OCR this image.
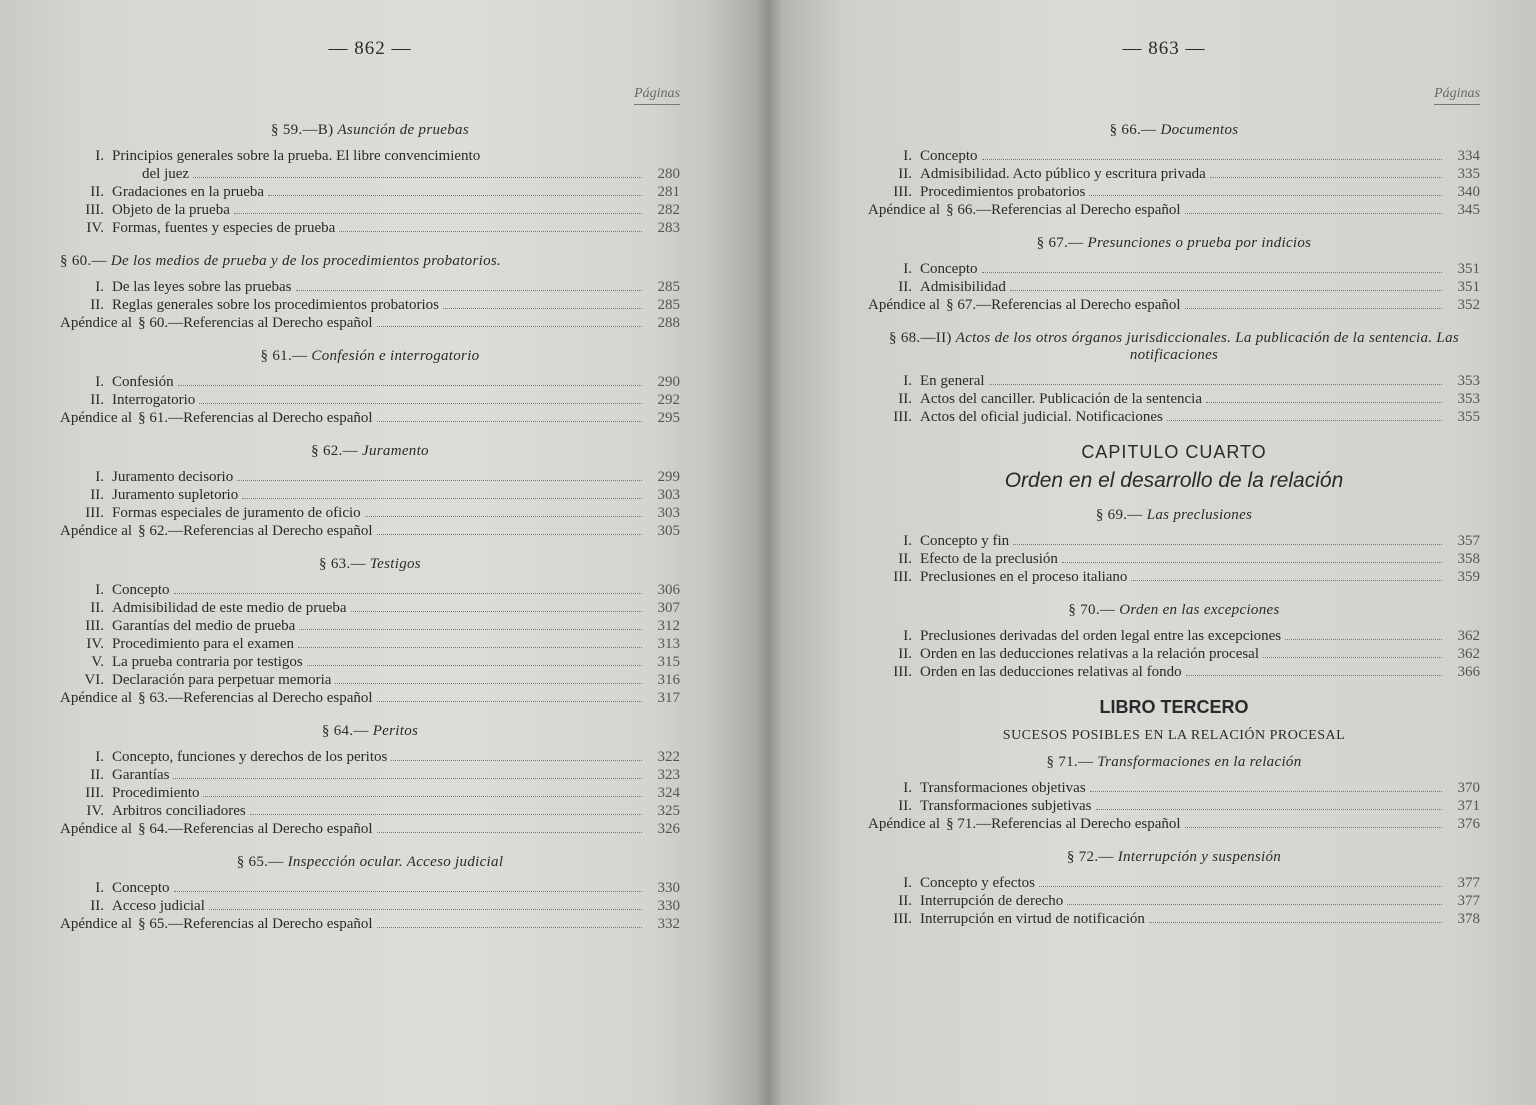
— 862 —
Páginas
§ 59.—B) Asunción de pruebas
I. Principios generales sobre la prueba. El libre convencimiento
del juez	280
II. Gradaciones en la prueba	281
III. Objeto de la prueba	282
IV. Formas, fuentes y especies de prueba	283
§ 60.— De los medios de prueba y de los procedimientos probatorios.
I. De las leyes sobre las pruebas	285
II. Reglas generales sobre los procedimientos probatorios	285
Apéndice al § 60.—Referencias al Derecho español	288
§ 61.— Confesión e interrogatorio
I. Confesión	290
II. Interrogatorio	292
Apéndice al § 61.—Referencias al Derecho español	295
§ 62.— Juramento
I. Juramento decisorio	299
II. Juramento supletorio	303
III. Formas especiales de juramento de oficio	303
Apéndice al § 62.—Referencias al Derecho español	305
§ 63.— Testigos
I. Concepto	306
II. Admisibilidad de este medio de prueba	307
III. Garantías del medio de prueba	312
IV. Procedimiento para el examen	313
V. La prueba contraria por testigos	315
VI. Declaración para perpetuar memoria	316
Apéndice al § 63.—Referencias al Derecho español	317
§ 64.— Peritos
I. Concepto, funciones y derechos de los peritos	322
II. Garantías	323
III. Procedimiento	324
IV. Arbitros conciliadores	325
Apéndice al § 64.—Referencias al Derecho español	326
§ 65.— Inspección ocular. Acceso judicial
I. Concepto	330
II. Acceso judicial	330
Apéndice al § 65.—Referencias al Derecho español	332
— 863 —
Páginas
§ 66.— Documentos
I. Concepto	334
II. Admisibilidad. Acto público y escritura privada	335
III. Procedimientos probatorios	340
Apéndice al § 66.—Referencias al Derecho español	345
§ 67.— Presunciones o prueba por indicios
I. Concepto	351
II. Admisibilidad	351
Apéndice al § 67.—Referencias al Derecho español	352
§ 68.—II) Actos de los otros órganos jurisdiccionales. La publicación de la sentencia. Las notificaciones
I. En general	353
II. Actos del canciller. Publicación de la sentencia	353
III. Actos del oficial judicial. Notificaciones	355
CAPITULO CUARTO
Orden en el desarrollo de la relación
§ 69.— Las preclusiones
I. Concepto y fin	357
II. Efecto de la preclusión	358
III. Preclusiones en el proceso italiano	359
§ 70.— Orden en las excepciones
I. Preclusiones derivadas del orden legal entre las excepciones	362
II. Orden en las deducciones relativas a la relación procesal	362
III. Orden en las deducciones relativas al fondo	366
LIBRO TERCERO
SUCESOS POSIBLES EN LA RELACIÓN PROCESAL
§ 71.— Transformaciones en la relación
I. Transformaciones objetivas	370
II. Transformaciones subjetivas	371
Apéndice al § 71.—Referencias al Derecho español	376
§ 72.— Interrupción y suspensión
I. Concepto y efectos	377
II. Interrupción de derecho	377
III. Interrupción en virtud de notificación	378
